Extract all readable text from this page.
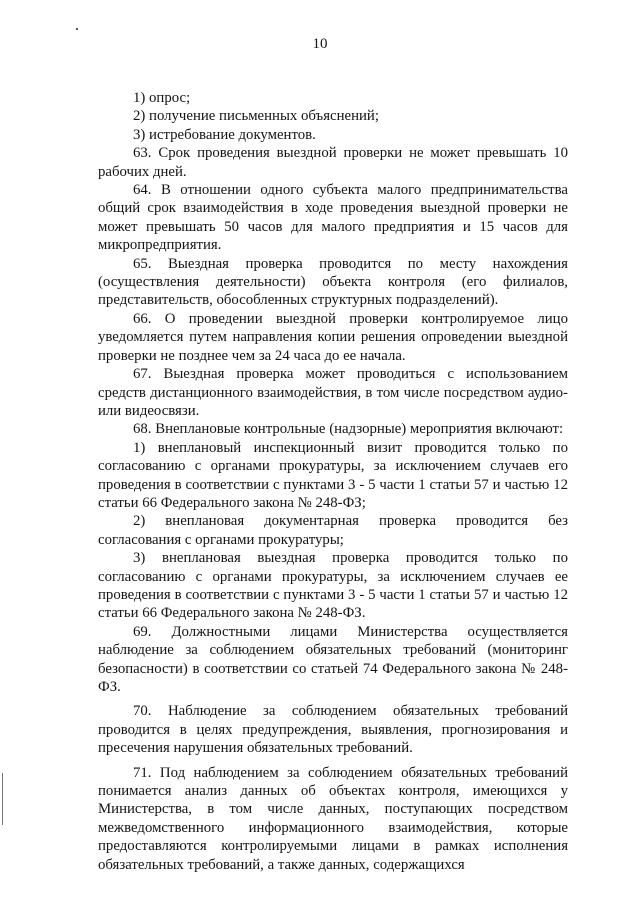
10

1) опрос;

2) получение письменных объяснений;

3) истребование документов.

63. Срок проведения выездной проверки не может превышать 10 рабочих дней.

64. В отношении одного субъекта малого предпринимательства общий срок взаимодействия в ходе проведения выездной проверки не может превышать 50 часов для малого предприятия и 15 часов для микропредприятия.

65. Выездная проверка проводится по месту нахождения (осуществления деятельности) объекта контроля (его филиалов, представительств, обособленных структурных подразделений).

66. О проведении выездной проверки контролируемое лицо уведомляется путем направления копии решения опроведении выездной проверки не позднее чем за 24 часа до ее начала.

67. Выездная проверка может проводиться с использованием средств дистанционного взаимодействия, в том числе посредством аудио- или видеосвязи.

68. Внеплановые контрольные (надзорные) мероприятия включают:

1) внеплановый инспекционный визит проводится только по согласованию с органами прокуратуры, за исключением случаев его проведения в соответствии с пунктами 3 - 5 части 1 статьи 57 и частью 12 статьи 66 Федерального закона № 248-ФЗ;

2) внеплановая документарная проверка проводится без согласования с органами прокуратуры;

3) внеплановая выездная проверка проводится только по согласованию с органами прокуратуры, за исключением случаев ее проведения в соответствии с пунктами 3 - 5 части 1 статьи 57 и частью 12 статьи 66 Федерального закона № 248-ФЗ.

69. Должностными лицами Министерства осуществляется наблюдение за соблюдением обязательных требований (мониторинг безопасности) в соответствии со статьей 74 Федерального закона № 248-ФЗ.

70. Наблюдение за соблюдением обязательных требований проводится в целях предупреждения, выявления, прогнозирования и пресечения нарушения обязательных требований.

71. Под наблюдением за соблюдением обязательных требований понимается анализ данных об объектах контроля, имеющихся у Министерства, в том числе данных, поступающих посредством межведомственного информационного взаимодействия, которые предоставляются контролируемыми лицами в рамках исполнения обязательных требований, а также данных, содержащихся
